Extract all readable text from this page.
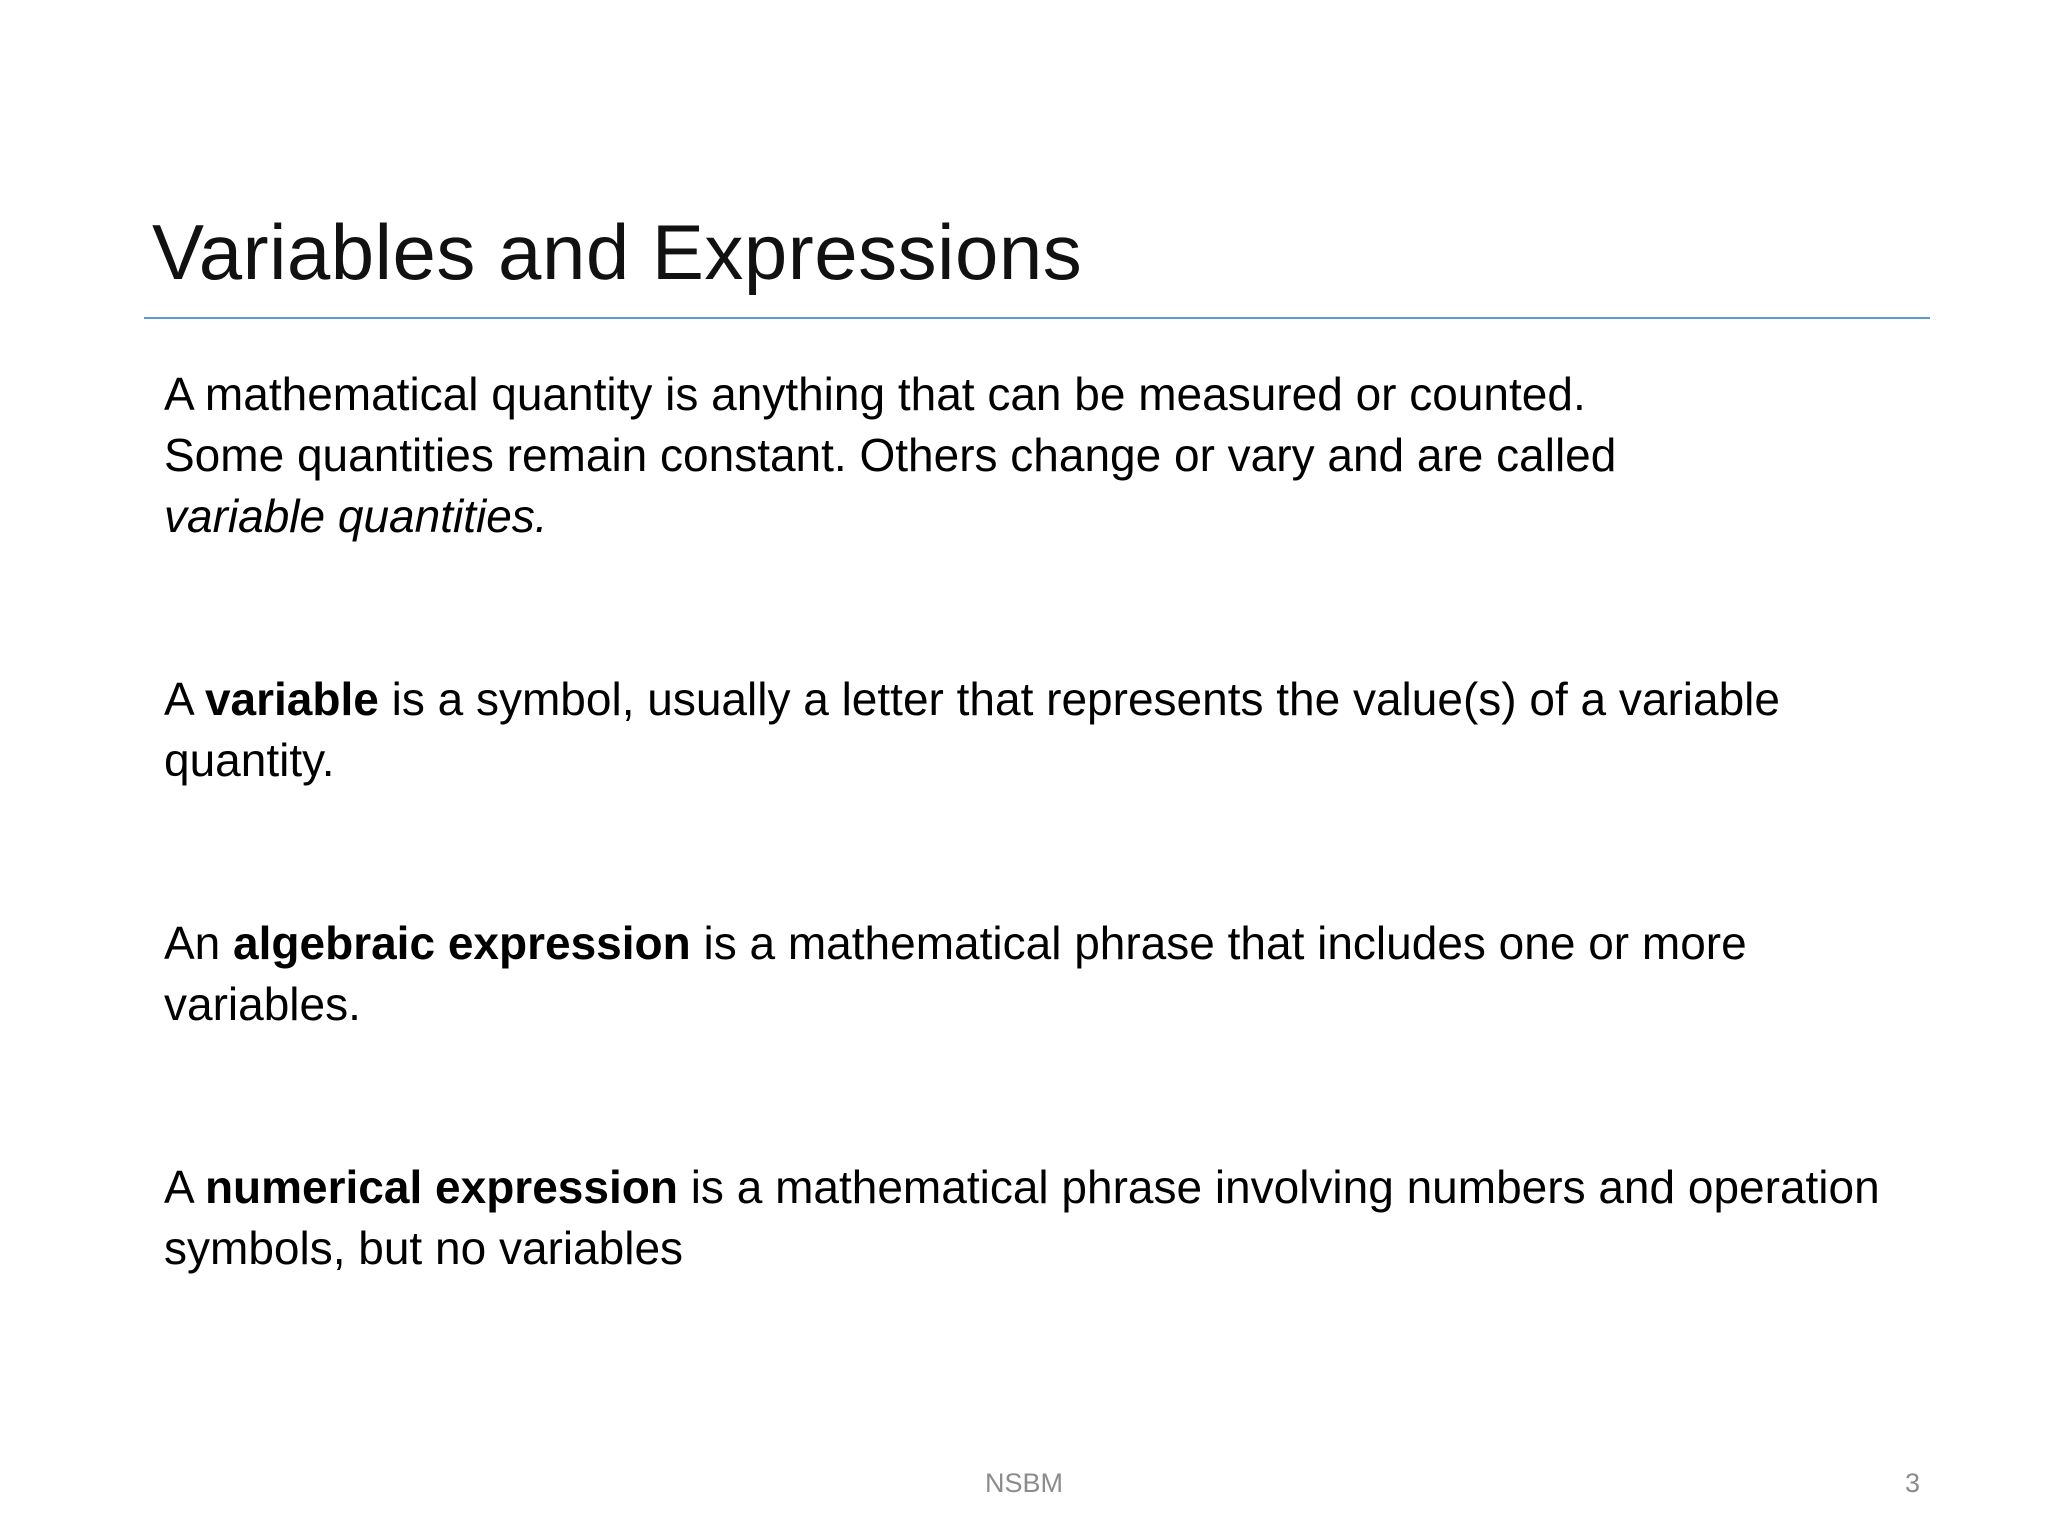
Variables and Expressions

A mathematical quantity is anything that can be measured or counted.
Some quantities remain constant. Others change or vary and are called
variable quantities.

A variable is a symbol, usually a letter that represents the value(s) of a variable quantity.

An algebraic expression is a mathematical phrase that includes one or more variables.

A numerical expression is a mathematical phrase involving numbers and operation symbols, but no variables

NSBM	3
